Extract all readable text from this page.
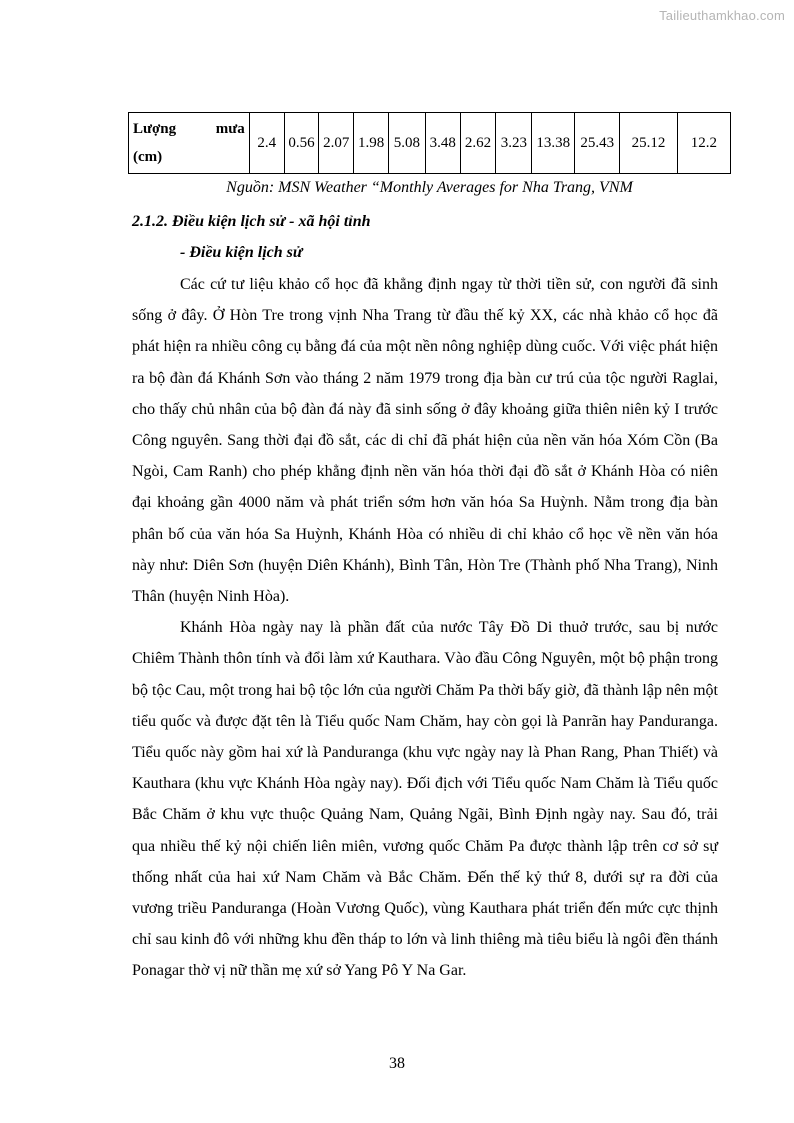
Tailieuthamkhao.com
Lượng	mưa
(cm)
	2.4	0.56	2.07	1.98	5.08	3.48	2.62	3.23	13.38	25.43	25.12	12.2
Nguồn: MSN Weather “Monthly Averages for Nha Trang, VNM
2.1.2. Điều kiện lịch sử - xã hội tỉnh
- Điều kiện lịch sử

Các cứ tư liệu khảo cổ học đã khẳng định ngay từ thời tiền sử, con người đã sinh sống ở đây. Ở Hòn Tre trong vịnh Nha Trang từ đầu thế kỷ XX, các nhà khảo cổ học đã phát hiện ra nhiều công cụ bằng đá của một nền nông nghiệp dùng cuốc. Với việc phát hiện ra bộ đàn đá Khánh Sơn vào tháng 2 năm 1979 trong địa bàn cư trú của tộc người Raglai, cho thấy chủ nhân của bộ đàn đá này đã sinh sống ở đây khoảng giữa thiên niên kỷ I trước Công nguyên. Sang thời đại đồ sắt, các di chỉ đã phát hiện của nền văn hóa Xóm Cồn (Ba Ngòi, Cam Ranh) cho phép khẳng định nền văn hóa thời đại đồ sắt ở Khánh Hòa có niên đại khoảng gần 4000 năm và phát triển sớm hơn văn hóa Sa Huỳnh. Nằm trong địa bàn phân bố của văn hóa Sa Huỳnh, Khánh Hòa có nhiều di chỉ khảo cổ học về nền văn hóa này như: Diên Sơn (huyện Diên Khánh), Bình Tân, Hòn Tre (Thành phố Nha Trang), Ninh Thân (huyện Ninh Hòa).

Khánh Hòa ngày nay là phần đất của nước Tây Đồ Di thuở trước, sau bị nước Chiêm Thành thôn tính và đổi làm xứ Kauthara. Vào đầu Công Nguyên, một bộ phận trong bộ tộc Cau, một trong hai bộ tộc lớn của người Chăm Pa thời bấy giờ, đã thành lập nên một tiểu quốc và được đặt tên là Tiểu quốc Nam Chăm, hay còn gọi là Panrãn hay Panduranga. Tiểu quốc này gồm hai xứ là Panduranga (khu vực ngày nay là Phan Rang, Phan Thiết) và Kauthara (khu vực Khánh Hòa ngày nay). Đối địch với Tiểu quốc Nam Chăm là Tiểu quốc Bắc Chăm ở khu vực thuộc Quảng Nam, Quảng Ngãi, Bình Định ngày nay. Sau đó, trải qua nhiều thế kỷ nội chiến liên miên, vương quốc Chăm Pa được thành lập trên cơ sở sự thống nhất của hai xứ Nam Chăm và Bắc Chăm. Đến thế kỷ thứ 8, dưới sự ra đời của vương triều Panduranga (Hoàn Vương Quốc), vùng Kauthara phát triển đến mức cực thịnh chỉ sau kinh đô với những khu đền tháp to lớn và linh thiêng mà tiêu biểu là ngôi đền thánh Ponagar thờ vị nữ thần mẹ xứ sở Yang Pô Y Na Gar.

38
